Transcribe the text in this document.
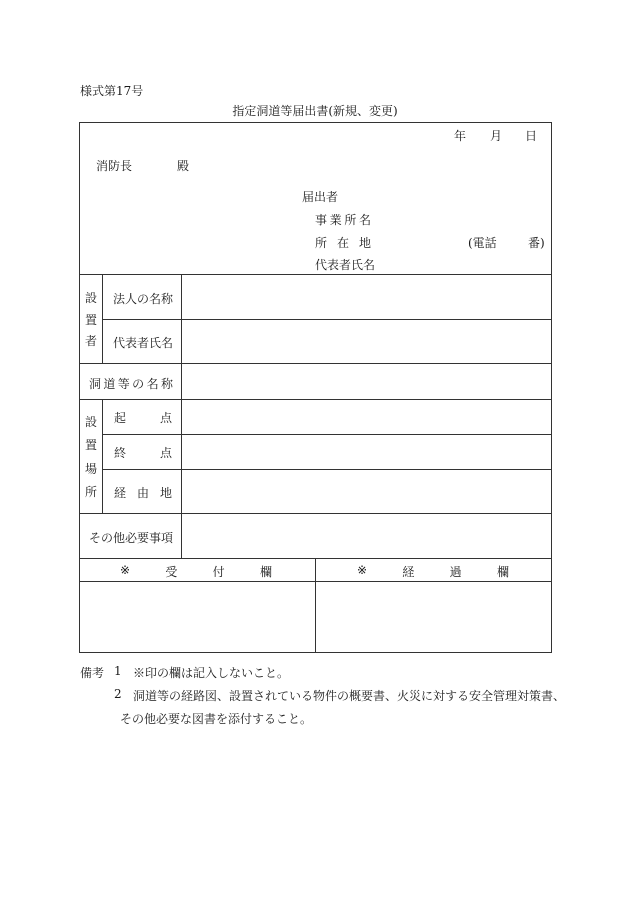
様式第17号
指定洞道等届出書(新規、変更)
年 月 日
消防長	殿
届出者
事 業 所 名
所 在 地	(電話	番)
代表者氏名
設
置
者
法人の名称
代表者氏名
洞 道 等 の 名 称
設
置
場
所
起	点
終	点
経 由 地
その他必要事項
※	受	付	欄	※	経	過	欄
備考 1 ※印の欄は記入しないこと。
2 洞道等の経路図、設置されている物件の概要書、火災に対する安全管理対策書、
その他必要な図書を添付すること。
